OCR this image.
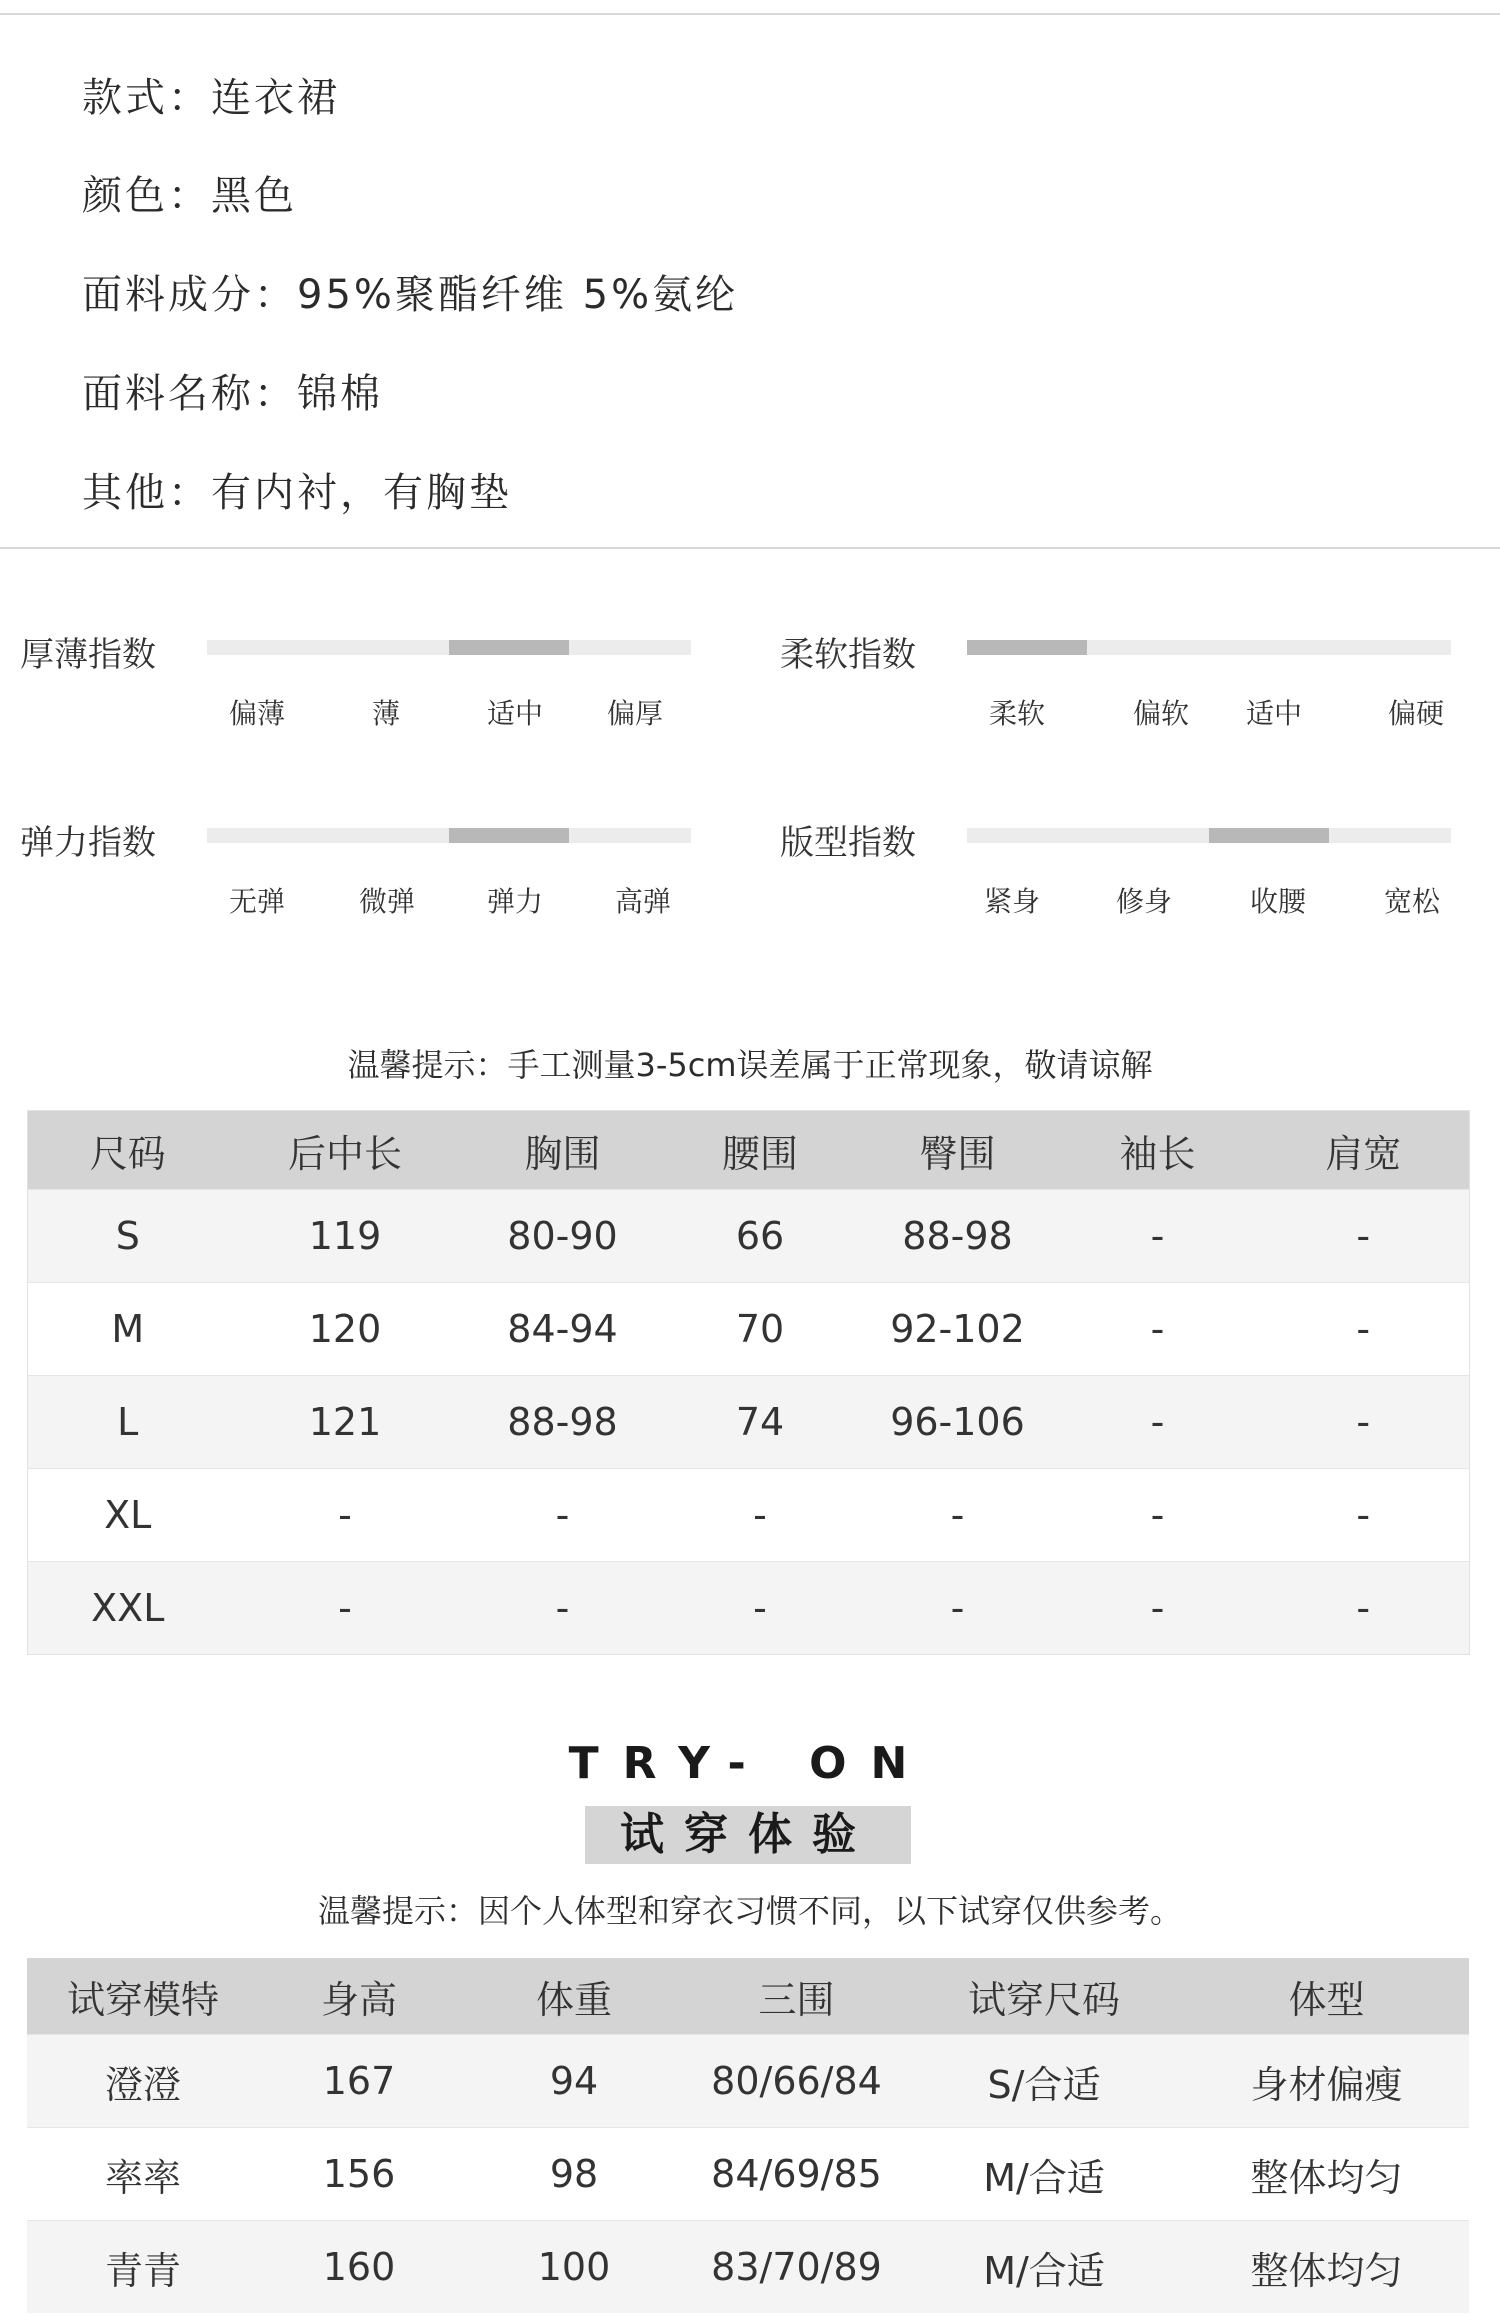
款式：连衣裙
颜色：黑色
面料成分：95%聚酯纤维 5%氨纶
面料名称：锦棉
其他：有内衬，有胸垫
厚薄指数
偏薄	薄	适中	偏厚
柔软指数
柔软	偏软	适中	偏硬
弹力指数
无弹	微弹	弹力	高弹
版型指数
紧身	修身	收腰	宽松
温馨提示：手工测量3-5cm误差属于正常现象，敬请谅解
尺码	后中长	胸围	腰围	臀围	袖长	肩宽
S	119	80-90	66	88-98	-	-
M	120	84-94	70	92-102	-	-
L	121	88-98	74	96-106	-	-
XL	-	-	-	-	-	-
XXL	-	-	-	-	-	-
TRY- ON
试穿体验
温馨提示：因个人体型和穿衣习惯不同，以下试穿仅供参考。
试穿模特	身高	体重	三围	试穿尺码	体型
澄澄	167	94	80/66/84	S/合适	身材偏瘦
率率	156	98	84/69/85	M/合适	整体均匀
青青	160	100	83/70/89	M/合适	整体均匀
